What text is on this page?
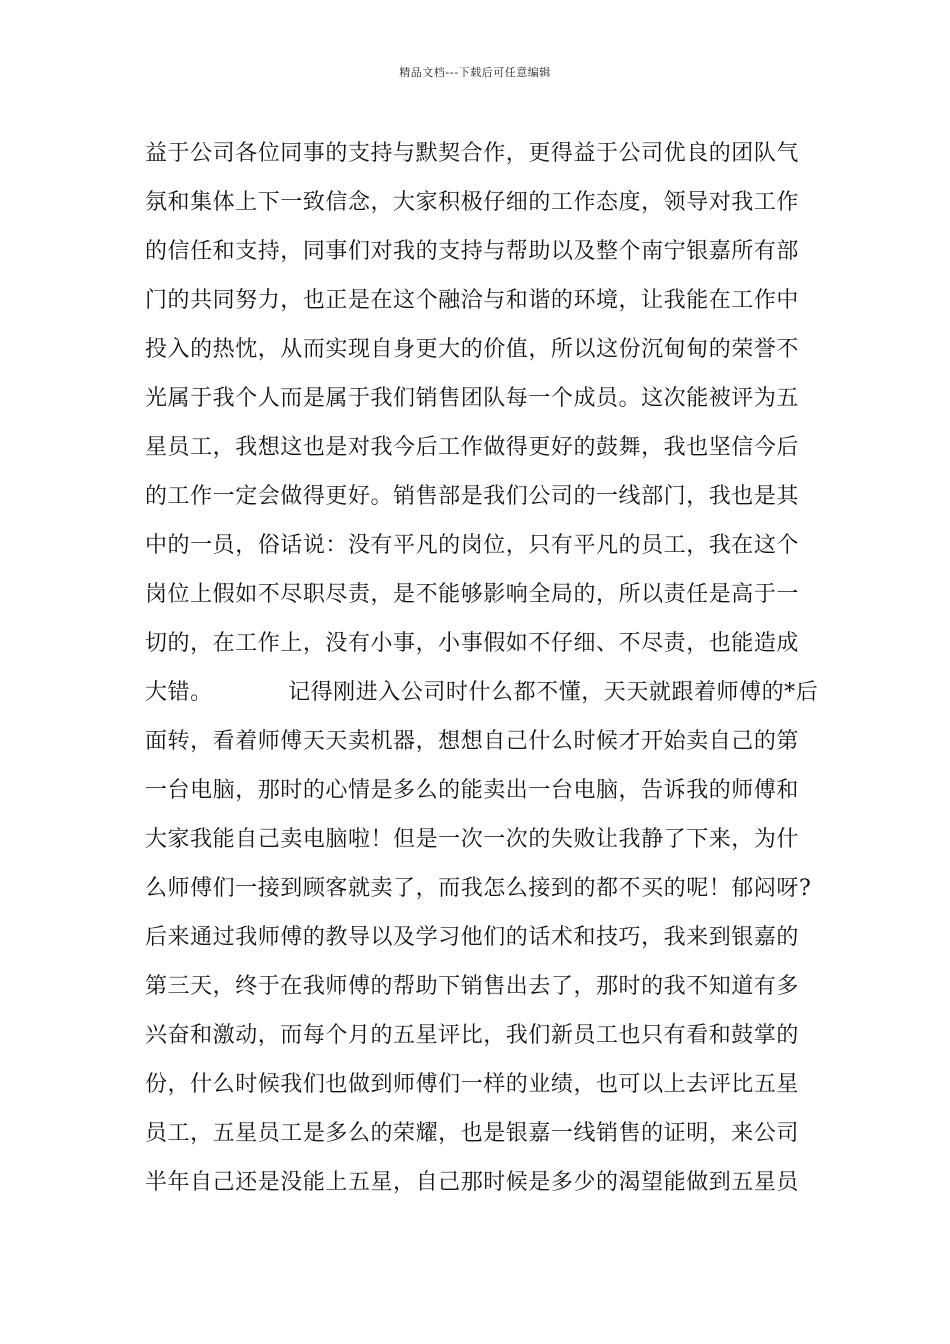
精品文档---下载后可任意编辑
益于公司各位同事的支持与默契合作，更得益于公司优良的团队气
氛和集体上下一致信念，大家积极仔细的工作态度，领导对我工作
的信任和支持，同事们对我的支持与帮助以及整个南宁银嘉所有部
门的共同努力，也正是在这个融洽与和谐的环境，让我能在工作中
投入的热忱，从而实现自身更大的价值，所以这份沉甸甸的荣誉不
光属于我个人而是属于我们销售团队每一个成员。这次能被评为五
星员工，我想这也是对我今后工作做得更好的鼓舞，我也坚信今后
的工作一定会做得更好。销售部是我们公司的一线部门，我也是其
中的一员，俗话说：没有平凡的岗位，只有平凡的员工，我在这个
岗位上假如不尽职尽责，是不能够影响全局的，所以责任是高于一
切的，在工作上，没有小事，小事假如不仔细、不尽责，也能造成
大错。          记得刚进入公司时什么都不懂，天天就跟着师傅的*后
面转，看着师傅天天卖机器，想想自己什么时候才开始卖自己的第
一台电脑，那时的心情是多么的能卖出一台电脑，告诉我的师傅和
大家我能自己卖电脑啦！但是一次一次的失败让我静了下来，为什
么师傅们一接到顾客就卖了，而我怎么接到的都不买的呢！郁闷呀?
后来通过我师傅的教导以及学习他们的话术和技巧，我来到银嘉的
第三天，终于在我师傅的帮助下销售出去了，那时的我不知道有多
兴奋和激动，而每个月的五星评比，我们新员工也只有看和鼓掌的
份，什么时候我们也做到师傅们一样的业绩，也可以上去评比五星
员工，五星员工是多么的荣耀，也是银嘉一线销售的证明，来公司
半年自己还是没能上五星，自己那时候是多少的渴望能做到五星员
